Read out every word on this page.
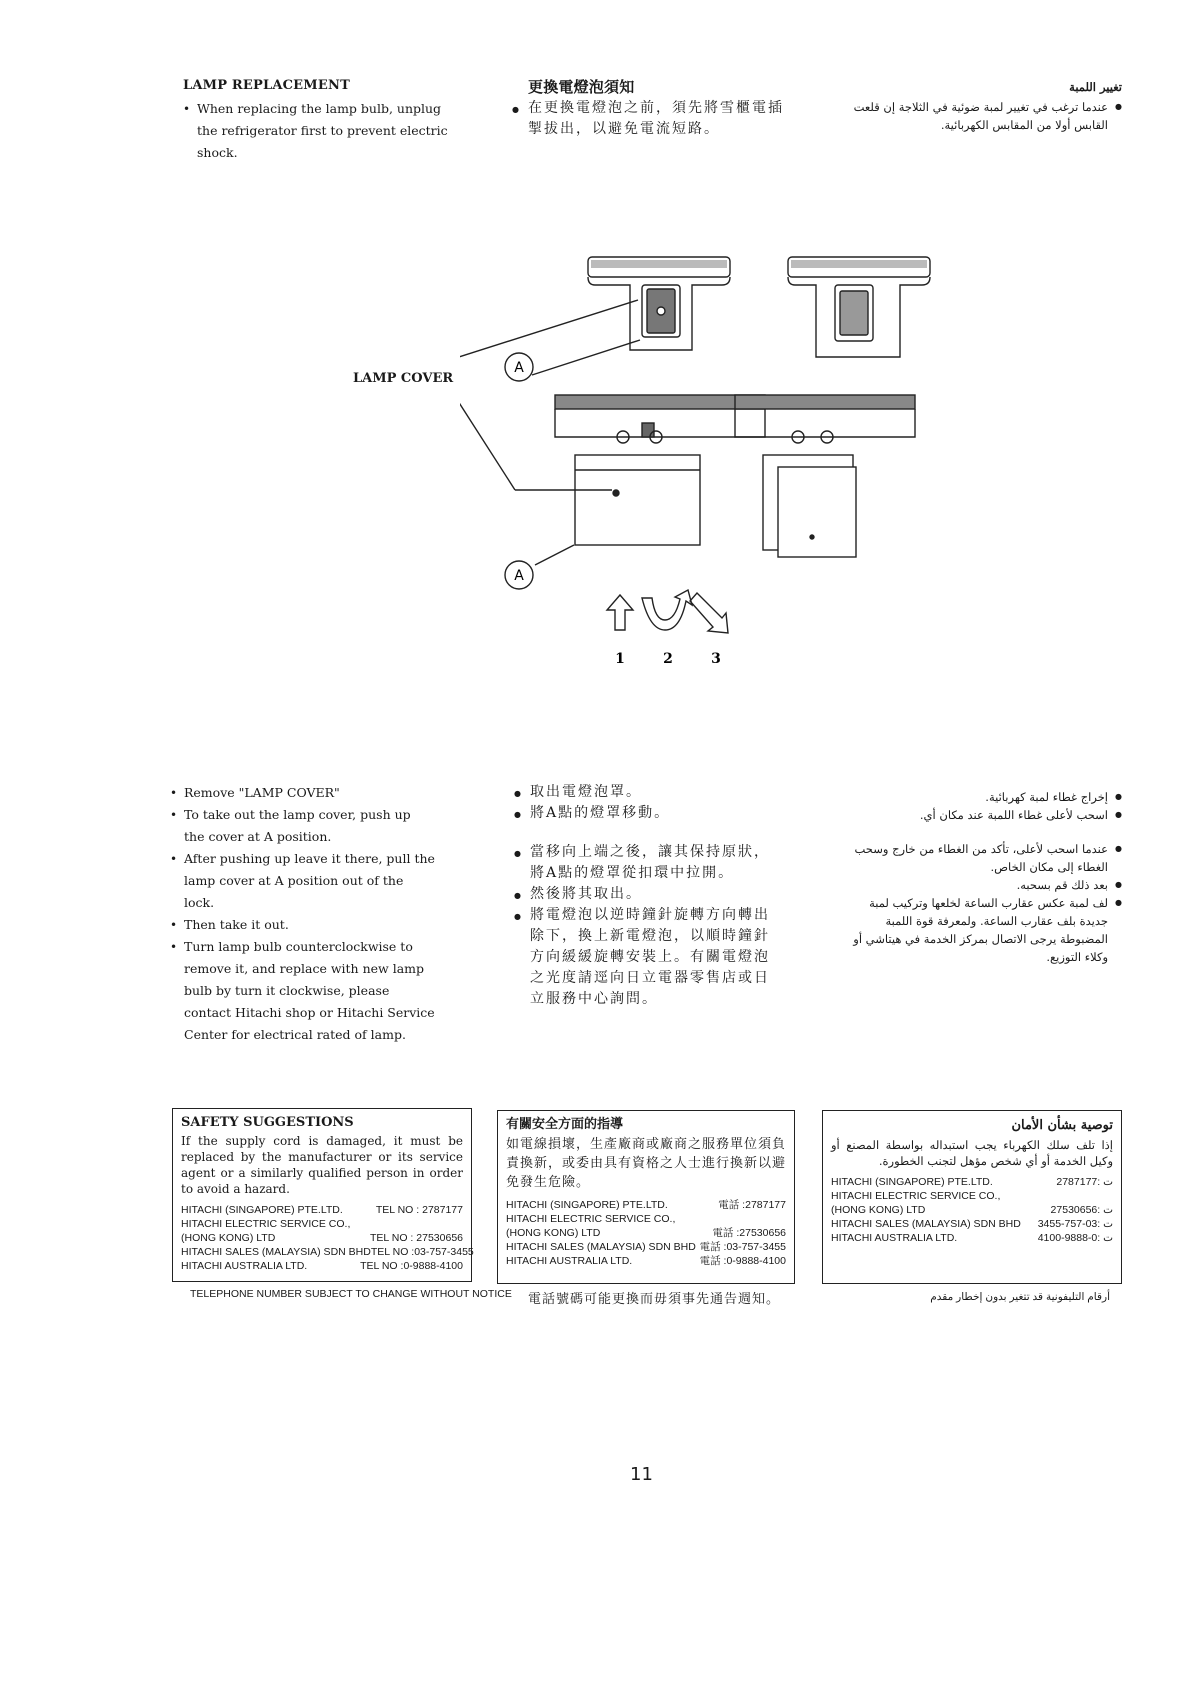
LAMP REPLACEMENT
• When replacing the lamp bulb, unplug the refrigerator first to prevent electric shock.
更換電燈泡須知
● 在更換電燈泡之前，須先將雪櫃電插掣拔出，以避免電流短路。
تغيير اللمبة
● عندما ترغب في تغيير لمبة ضوئية في الثلاجة إن قلعت القابس أولا من المقابس الكهربائية.
LAMP COVER
A
A
1	2	3
• Remove "LAMP COVER"
• To take out the lamp cover, push up the cover at A position.
• After pushing up leave it there, pull the lamp cover at A position out of the lock.
• Then take it out.
• Turn lamp bulb counterclockwise to remove it, and replace with new lamp bulb by turn it clockwise, please contact Hitachi shop or Hitachi Service Center for electrical rated of lamp.
● 取出電燈泡罩。
● 將A點的燈罩移動。
● 當移向上端之後，讓其保持原狀，將A點的燈罩從扣環中拉開。
● 然後將其取出。
● 將電燈泡以逆時鐘針旋轉方向轉出除下，換上新電燈泡，以順時鐘針方向緩緩旋轉安裝上。有關電燈泡之光度請逕向日立電器零售店或日立服務中心詢問。
● إخراج غطاء لمبة كهربائية.
● اسحب لأعلى غطاء اللمبة عند مكان أي.
● عندما اسحب لأعلى، تأكد من الغطاء من خارج وسحب الغطاء إلى مكان الخاص.
● بعد ذلك قم بسحبه.
● لف لمبة عكس عقارب الساعة لخلعها وتركيب لمبة جديدة بلف عقارب الساعة. ولمعرفة قوة اللمبة المضبوطة يرجى الاتصال بمركز الخدمة في هيتاشي أو وكلاء التوزيع.
SAFETY SUGGESTIONS
If the supply cord is damaged, it must be replaced by the manufacturer or its service agent or a similarly qualified person in order to avoid a hazard.
HITACHI (SINGAPORE) PTE.LTD.	TEL NO : 2787177
HITACHI ELECTRIC SERVICE CO.,
(HONG KONG) LTD	TEL NO : 27530656
HITACHI SALES (MALAYSIA) SDN BHD TEL NO :03-757-3455
HITACHI AUSTRALIA LTD.	TEL NO :0-9888-4100
TELEPHONE NUMBER SUBJECT TO CHANGE WITHOUT NOTICE
有關安全方面的指導
如電線損壞，生產廠商或廠商之服務單位須負責換新，或委由具有資格之人士進行換新以避免發生危險。
HITACHI (SINGAPORE) PTE.LTD.	電話 :2787177
HITACHI ELECTRIC SERVICE CO.,
(HONG KONG) LTD	電話 :27530656
HITACHI SALES (MALAYSIA) SDN BHD 電話 :03-757-3455
HITACHI AUSTRALIA LTD.	電話 :0-9888-4100
電話號碼可能更換而毋須事先通告週知。
توصية بشأن الأمان
إذا تلف سلك الكهرباء يجب استبداله بواسطة المصنع أو وكيل الخدمة أو أي شخص مؤهل لتجنب الخطورة.
HITACHI (SINGAPORE) PTE.LTD.	ت :2787177
HITACHI ELECTRIC SERVICE CO.,
(HONG KONG) LTD	ت :27530656
HITACHI SALES (MALAYSIA) SDN BHD	ت :03-757-3455
HITACHI AUSTRALIA LTD.	ت :0-9888-4100
أرقام التليفونية قد تتغير بدون إخطار مقدم
11
